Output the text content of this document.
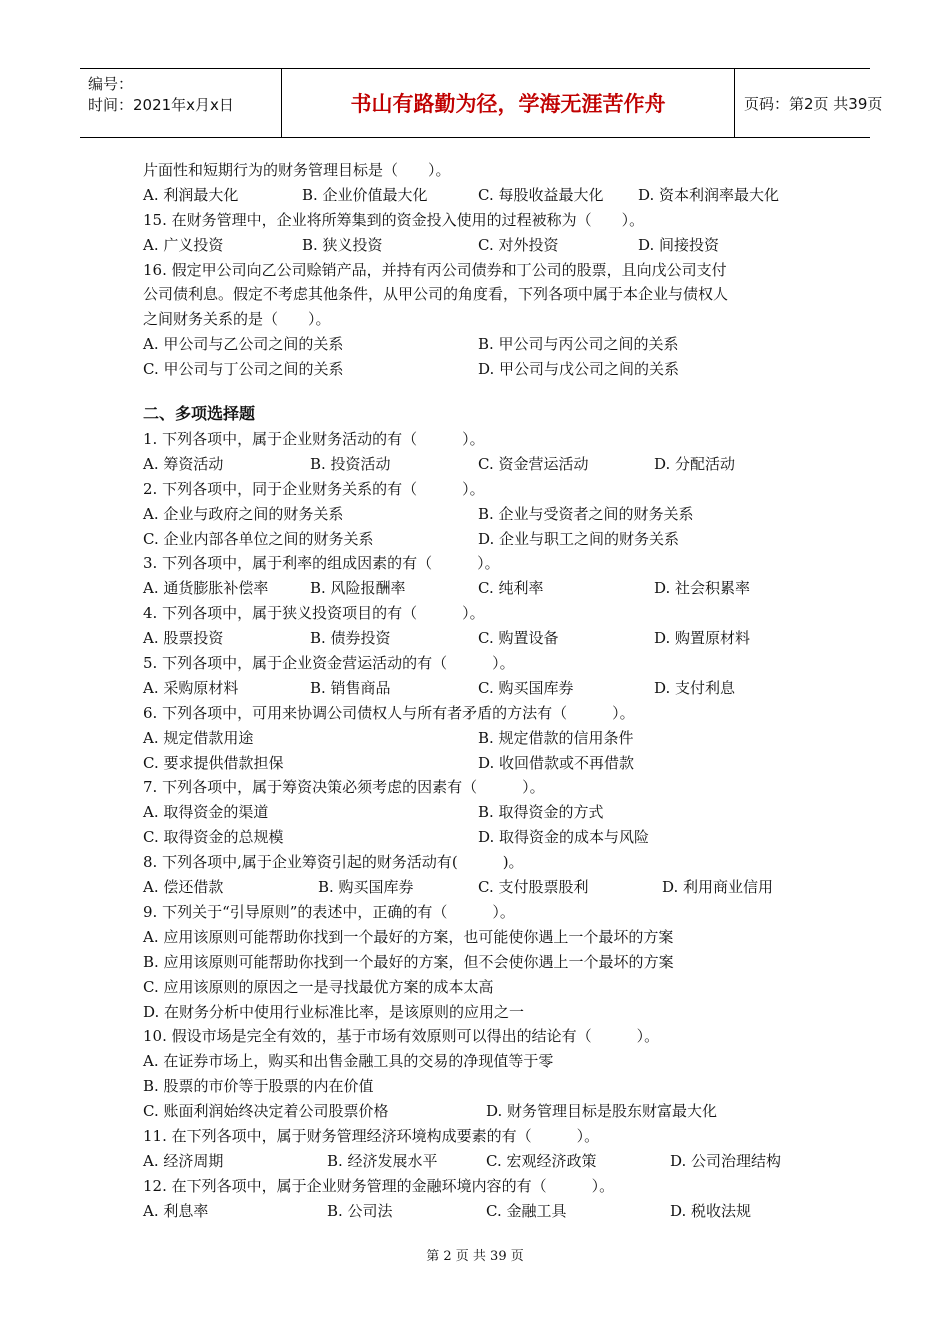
编号：
时间：2021年x月x日	书山有路勤为径，学海无涯苦作舟	页码：第2页 共39页
片面性和短期行为的财务管理目标是（　　）。
A. 利润最大化	B. 企业价值最大化	C. 每股收益最大化 D. 资本利润率最大化
15. 在财务管理中，企业将所筹集到的资金投入使用的过程被称为（　　）。
A. 广义投资	B. 狭义投资	C. 对外投资	D. 间接投资
16. 假定甲公司向乙公司赊销产品，并持有丙公司债券和丁公司的股票，且向戊公司支付
公司债利息。假定不考虑其他条件，从甲公司的角度看，下列各项中属于本企业与债权人
之间财务关系的是（　　）。
A. 甲公司与乙公司之间的关系	B. 甲公司与丙公司之间的关系
C. 甲公司与丁公司之间的关系	D. 甲公司与戊公司之间的关系
二、多项选择题
1. 下列各项中，属于企业财务活动的有（　　　）。
A. 筹资活动	B. 投资活动	C. 资金营运活动	D. 分配活动
2. 下列各项中，同于企业财务关系的有（　　　）。
A. 企业与政府之间的财务关系	B. 企业与受资者之间的财务关系
C. 企业内部各单位之间的财务关系	D. 企业与职工之间的财务关系
3. 下列各项中，属于利率的组成因素的有（　　　）。
A. 通货膨胀补偿率	B. 风险报酬率	C. 纯利率	D. 社会积累率
4. 下列各项中，属于狭义投资项目的有（　　　）。
A. 股票投资	B. 债券投资	C. 购置设备	D. 购置原材料
5. 下列各项中，属于企业资金营运活动的有（　　　）。
A. 采购原材料	B. 销售商品	C. 购买国库券	D. 支付利息
6. 下列各项中，可用来协调公司债权人与所有者矛盾的方法有（　　　）。
A. 规定借款用途	B. 规定借款的信用条件
C. 要求提供借款担保	D. 收回借款或不再借款
7. 下列各项中，属于筹资决策必须考虑的因素有（　　　）。
A. 取得资金的渠道	B. 取得资金的方式
C. 取得资金的总规模	D. 取得资金的成本与风险
8. 下列各项中,属于企业筹资引起的财务活动有(　　　)。
A. 偿还借款	B. 购买国库券	C. 支付股票股利	D. 利用商业信用
9. 下列关于“引导原则”的表述中，正确的有（　　　）。
A. 应用该原则可能帮助你找到一个最好的方案，也可能使你遇上一个最坏的方案
B. 应用该原则可能帮助你找到一个最好的方案，但不会使你遇上一个最坏的方案
C. 应用该原则的原因之一是寻找最优方案的成本太高
D. 在财务分析中使用行业标准比率，是该原则的应用之一
10. 假设市场是完全有效的，基于市场有效原则可以得出的结论有（　　　）。
A. 在证券市场上，购买和出售金融工具的交易的净现值等于零
B. 股票的市价等于股票的内在价值
C. 账面利润始终决定着公司股票价格	D. 财务管理目标是股东财富最大化
11. 在下列各项中，属于财务管理经济环境构成要素的有（　　　）。
A. 经济周期	B. 经济发展水平	C. 宏观经济政策	D. 公司治理结构
12. 在下列各项中，属于企业财务管理的金融环境内容的有（　　　）。
A. 利息率	B. 公司法	C. 金融工具	D. 税收法规
第 2 页 共 39 页
